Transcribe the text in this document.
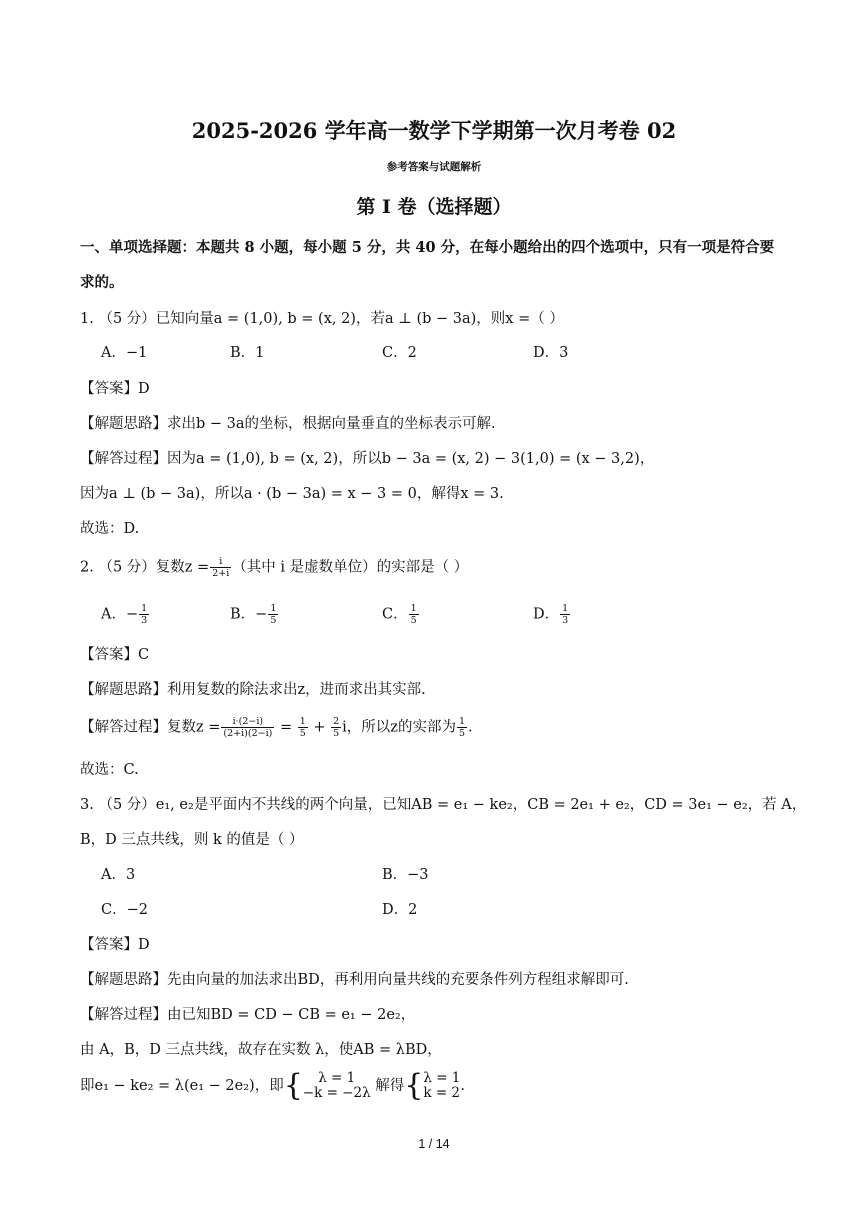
2025-2026 学年高一数学下学期第一次月考卷 02
参考答案与试题解析
第 I 卷（选择题）
一、单项选择题：本题共 8 小题，每小题 5 分，共 40 分，在每小题给出的四个选项中，只有一项是符合要
求的。
1. （5 分）已知向量a = (1,0), b = (x, 2)，若a ⊥ (b − 3a)，则x =（ ）
A．−1	B．1	C．2	D．3
【答案】D
【解题思路】求出b − 3a的坐标，根据向量垂直的坐标表示可解.
【解答过程】因为a = (1,0), b = (x, 2)，所以b − 3a = (x, 2) − 3(1,0) = (x − 3,2)，
因为a ⊥ (b − 3a)，所以a · (b − 3a) = x − 3 = 0，解得x = 3.
故选：D.
2. （5 分）复数$z = \frac{i}{2+i}$ （其中 i 是虚数单位）的实部是（ ）
A．− $\frac{1}{3}$	B．− $\frac{1}{5}$	C． $\frac{1}{5}$	D． $\frac{1}{3}$
【答案】C
【解题思路】利用复数的除法求出z，进而求出其实部.
【解答过程】复数$z = \frac{i\cdot(2-i)}{(2+i)(2-i)} = \frac{1}{5} + \frac{2}{5}$ i，所以z的实部为 $\frac{1}{5}$ .
故选：C.
3. （5 分）e₁, e₂是平面内不共线的两个向量，已知AB = e₁ − ke₂，CB = 2e₁ + e₂，CD = 3e₁ − e₂，若 A，
B，D 三点共线，则 k 的值是（ ）
A．3	B．−3
C．−2	D．2
【答案】D
【解题思路】先由向量的加法求出BD，再利用向量共线的充要条件列方程组求解即可.
【解答过程】由已知BD = CD − CB = e₁ − 2e₂，
由 A，B，D 三点共线，故存在实数 λ，使AB = λBD，
即e₁ − ke₂ = λ(e₁ − 2e₂)，即{	λ = 1
−k = −2λ 解得{ λ = 1
k = 2 .
1 / 14
